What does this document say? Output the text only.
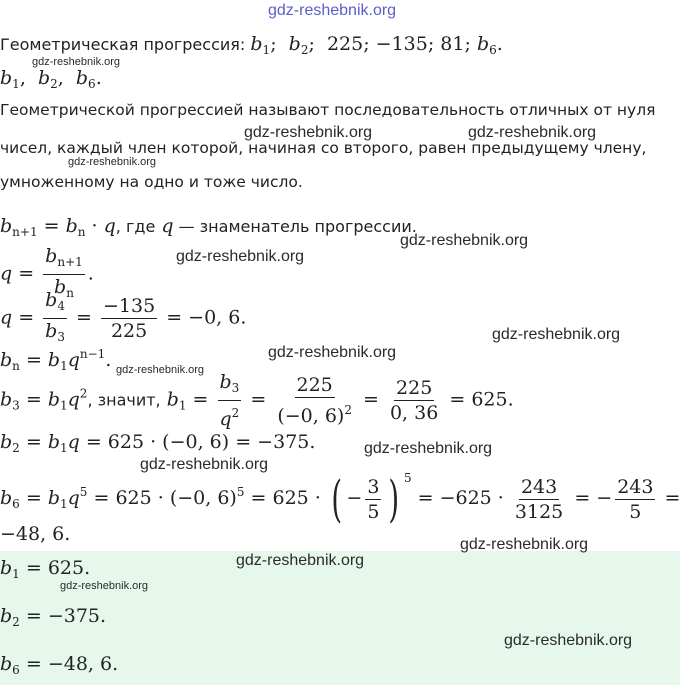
gdz-reshebnik.org
Геометрическая прогрессия: $b_1$;  $b_2$;  225; −135; 81; $b_6$.
$b_1$,  $b_2$,  $b_6$.
Геометрической прогрессией называют последовательность отличных от нуля
чисел, каждый член которой, начиная со второго, равен предыдущему члену,
умноженному на одно и тоже число.
$b_{n+1} = b_n \cdot q$, где q — знаменатель прогрессии.
$q = \frac{b_{n+1}}{b_n}$ .
$q = \frac{b_4}{b_3} = \frac{-135}{225} = -0$, 6.
$b_n = b_1q^{n-1}$.
$b_3 = b_1q^2$, значит, $b_1 = \frac{b_3}{q^2} = \frac{225}{(-0, 6)^2} = \frac{225}{0, 36} = 625$.
$b_2 = b_1q = 625 \cdot (-0$, 6) = −375.
$b_6 = b_1q^5 = 625 \cdot (-0$, 6)$^5$ = 625 · ( − $\frac{3}{5}$ ) $^5 = -625 \cdot \frac{243}{3125}$ = − $\frac{243}{5}$ =
−48, 6.
$b_1 = 625$.
$b_2 = -375$.
$b_6 = -48$, 6.
gdz-reshebnik.org
gdz-reshebnik.org	gdz-reshebnik.org
gdz-reshebnik.org
gdz-reshebnik.org
gdz-reshebnik.org
gdz-reshebnik.org
gdz-reshebnik.org
gdz-reshebnik.org
gdz-reshebnik.org
gdz-reshebnik.org
gdz-reshebnik.org
gdz-reshebnik.org
gdz-reshebnik.org
gdz-reshebnik.org
